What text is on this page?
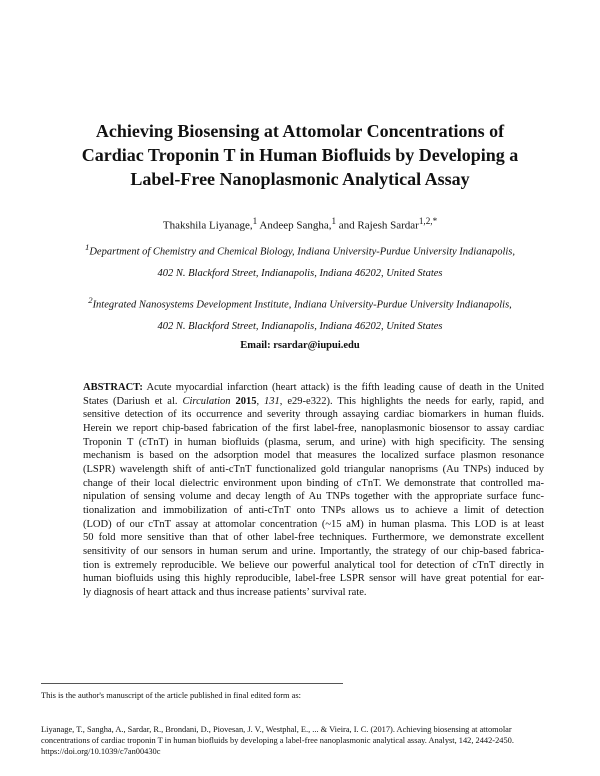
Achieving Biosensing at Attomolar Concentrations of
Cardiac Troponin T in Human Biofluids by Developing a
Label-Free Nanoplasmonic Analytical Assay
Thakshila Liyanage,$^1$ Andeep Sangha,$^1$ and Rajesh Sardar$^{1,2,*}$
$^1$Department of Chemistry and Chemical Biology, Indiana University-Purdue University Indianapolis,
402 N. Blackford Street, Indianapolis, Indiana 46202, United States
$^2$Integrated Nanosystems Development Institute, Indiana University-Purdue University Indianapolis,
402 N. Blackford Street, Indianapolis, Indiana 46202, United States
Email: rsardar@iupui.edu
ABSTRACT: Acute myocardial infarction (heart attack) is the fifth leading cause of death in the United
States (Dariush et al. Circulation 2015, 131, e29-e322). This highlights the needs for early, rapid, and
sensitive detection of its occurrence and severity through assaying cardiac biomarkers in human fluids.
Herein we report chip-based fabrication of the first label-free, nanoplasmonic biosensor to assay cardiac
Troponin T (cTnT) in human biofluids (plasma, serum, and urine) with high specificity. The sensing
mechanism is based on the adsorption model that measures the localized surface plasmon resonance
(LSPR) wavelength shift of anti-cTnT functionalized gold triangular nanoprisms (Au TNPs) induced by
change of their local dielectric environment upon binding of cTnT. We demonstrate that controlled ma-
nipulation of sensing volume and decay length of Au TNPs together with the appropriate surface func-
tionalization and immobilization of anti-cTnT onto TNPs allows us to achieve a limit of detection
(LOD) of our cTnT assay at attomolar concentration (~15 aM) in human plasma. This LOD is at least
50 fold more sensitive than that of other label-free techniques. Furthermore, we demonstrate excellent
sensitivity of our sensors in human serum and urine. Importantly, the strategy of our chip-based fabrica-
tion is extremely reproducible. We believe our powerful analytical tool for detection of cTnT directly in
human biofluids using this highly reproducible, label-free LSPR sensor will have great potential for ear-
ly diagnosis of heart attack and thus increase patients’ survival rate.
This is the author's manuscript of the article published in final edited form as:
Liyanage, T., Sangha, A., Sardar, R., Brondani, D., Piovesan, J. V., Westphal, E., ... & Vieira, I. C. (2017). Achieving biosensing at attomolar
concentrations of cardiac troponin T in human biofluids by developing a label-free nanoplasmonic analytical assay. Analyst, 142, 2442-2450.
https://doi.org/10.1039/c7an00430c
